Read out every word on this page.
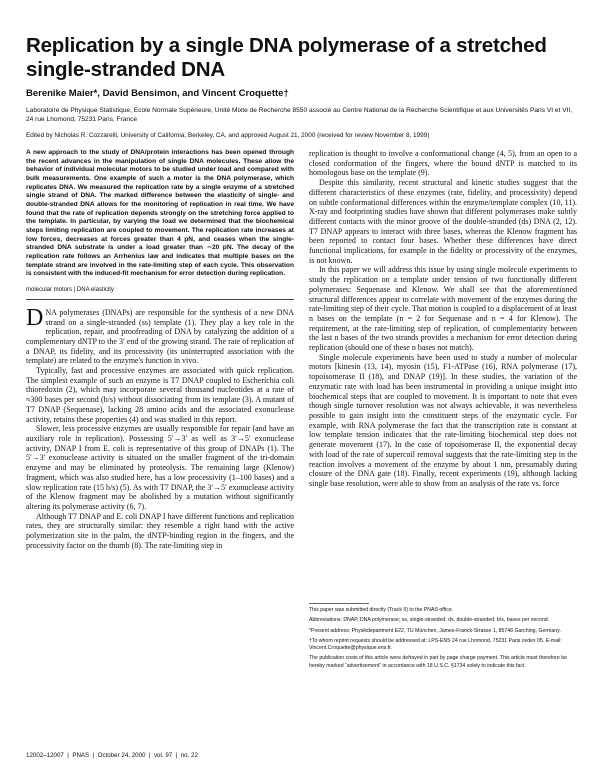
Replication by a single DNA polymerase of a stretched single-stranded DNA
Berenike Maier*, David Bensimon, and Vincent Croquette†
Laboratoire de Physique Statistique, Ecole Normale Supérieure, Unité Mixte de Recherche 8550 associé au Centre National de la Recherche Scientifique et aux Universités Paris VI et VII, 24 rue Lhomond, 75231 Paris, France
Edited by Nicholas R. Cozzarelli, University of California, Berkeley, CA, and approved August 21, 2000 (received for review November 8, 1999)

A new approach to the study of DNA/protein interactions has been opened through the recent advances in the manipulation of single DNA molecules. These allow the behavior of individual molecular motors to be studied under load and compared with bulk measurements. One example of such a motor is the DNA polymerase, which replicates DNA. We measured the replication rate by a single enzyme of a stretched single strand of DNA. The marked difference between the elasticity of single- and double-stranded DNA allows for the monitoring of replication in real time. We have found that the rate of replication depends strongly on the stretching force applied to the template. In particular, by varying the load we determined that the biochemical steps limiting replication are coupled to movement. The replication rate increases at low forces, decreases at forces greater than 4 pN, and ceases when the single-stranded DNA substrate is under a load greater than ∼20 pN. The decay of the replication rate follows an Arrhenius law and indicates that multiple bases on the template strand are involved in the rate-limiting step of each cycle. This observation is consistent with the induced-fit mechanism for error detection during replication.

molecular motors | DNA elasticity

DNA polymerases (DNAPs) are responsible for the synthesis of a new DNA strand on a single-stranded (ss) template (1). They play a key role in the replication, repair, and proofreading of DNA by catalyzing the addition of a complementary dNTP to the 3′ end of the growing strand. The rate of replication of a DNAP, its fidelity, and its processivity (its uninterrupted association with the template) are related to the enzyme's function in vivo.

Typically, fast and processive enzymes are associated with quick replication. The simplest example of such an enzyme is T7 DNAP coupled to Escherichia coli thioredoxin (2), which may incorporate several thousand nucleotides at a rate of ≈300 bases per second (b/s) without dissociating from its template (3). A mutant of T7 DNAP (Sequenase), lacking 28 amino acids and the associated exonuclease activity, retains these properties (4) and was studied in this report.

Slower, less processive enzymes are usually responsible for repair (and have an auxiliary role in replication). Possessing 5′→3′ as well as 3′→5′ exonuclease activity, DNAP I from E. coli is representative of this group of DNAPs (1). The 5′→3′ exonuclease activity is situated on the smaller fragment of the tri-domain enzyme and may be eliminated by proteolysis. The remaining large (Klenow) fragment, which was also studied here, has a low processivity (1–100 bases) and a slow replication rate (15 b/s) (5). As with T7 DNAP, the 3′→5′ exonuclease activity of the Klenow fragment may be abolished by a mutation without significantly altering its polymerase activity (6, 7).

Although T7 DNAP and E. coli DNAP I have different functions and replication rates, they are structurally similar: they resemble a right hand with the active polymerization site in the palm, the dNTP-binding region in the fingers, and the processivity factor on the thumb (8). The rate-limiting step in

replication is thought to involve a conformational change (4, 5), from an open to a closed conformation of the fingers, where the bound dNTP is matched to its homologous base on the template (9).

Despite this similarity, recent structural and kinetic studies suggest that the different characteristics of these enzymes (rate, fidelity, and processivity) depend on subtle conformational differences within the enzyme/template complex (10, 11). X-ray and footprinting studies have shown that different polymerases make subtly different contacts with the minor groove of the double-stranded (ds) DNA (2, 12). T7 DNAP appears to interact with three bases, whereas the Klenow fragment has been reported to contact four bases. Whether these differences have direct functional implications, for example in the fidelity or processivity of the enzymes, is not known.

In this paper we will address this issue by using single molecule experiments to study the replication on a template under tension of two functionally different polymerases: Sequenase and Klenow. We shall see that the aforementioned structural differences appear to correlate with movement of the enzymes during the rate-limiting step of their cycle. That motion is coupled to a displacement of at least n bases on the template (n = 2 for Sequenase and n = 4 for Klenow). The requirement, at the rate-limiting step of replication, of complementarity between the last n bases of the two strands provides a mechanism for error detection during replication (should one of these n bases not match).

Single molecule experiments have been used to study a number of molecular motors [kinesin (13, 14), myosin (15), F1-ATPase (16), RNA polymerase (17), topoisomerase II (18), and DNAP (19)]. In these studies, the variation of the enzymatic rate with load has been instrumental in providing a unique insight into biochemical steps that are coupled to movement. It is important to note that even though single turnover resolution was not always achievable, it was nevertheless possible to gain insight into the constituent steps of the enzymatic cycle. For example, with RNA polymerase the fact that the transcription rate is constant at low template tension indicates that the rate-limiting biochemical step does not generate movement (17). In the case of topoisomerase II, the exponential decay with load of the rate of supercoil removal suggests that the rate-limiting step in the reaction involves a movement of the enzyme by about 1 nm, presumably during closure of the DNA gate (18). Finally, recent experiments (19), although lacking single base resolution, were able to show from an analysis of the rate vs. force

This paper was submitted directly (Track II) to the PNAS office.

Abbreviations: DNAP, DNA polymerase; ss, single-stranded; ds, double-stranded; b/s, bases per second.

*Present address: Physikdepartment E22, TU München, James-Franck-Strasse 1, 85748 Garching, Germany.

†To whom reprint requests should be addressed at: LPS-ENS 24 rue Lhomond, 75231 Paris cedex 05. E-mail: Vincent.Croquette@physique.ens.fr.

The publication costs of this article were defrayed in part by page charge payment. This article must therefore be hereby marked “advertisement” in accordance with 18 U.S.C. §1734 solely to indicate this fact.

12002–12007  |  PNAS  |  October 24, 2000  |  vol. 97  |  no. 22
